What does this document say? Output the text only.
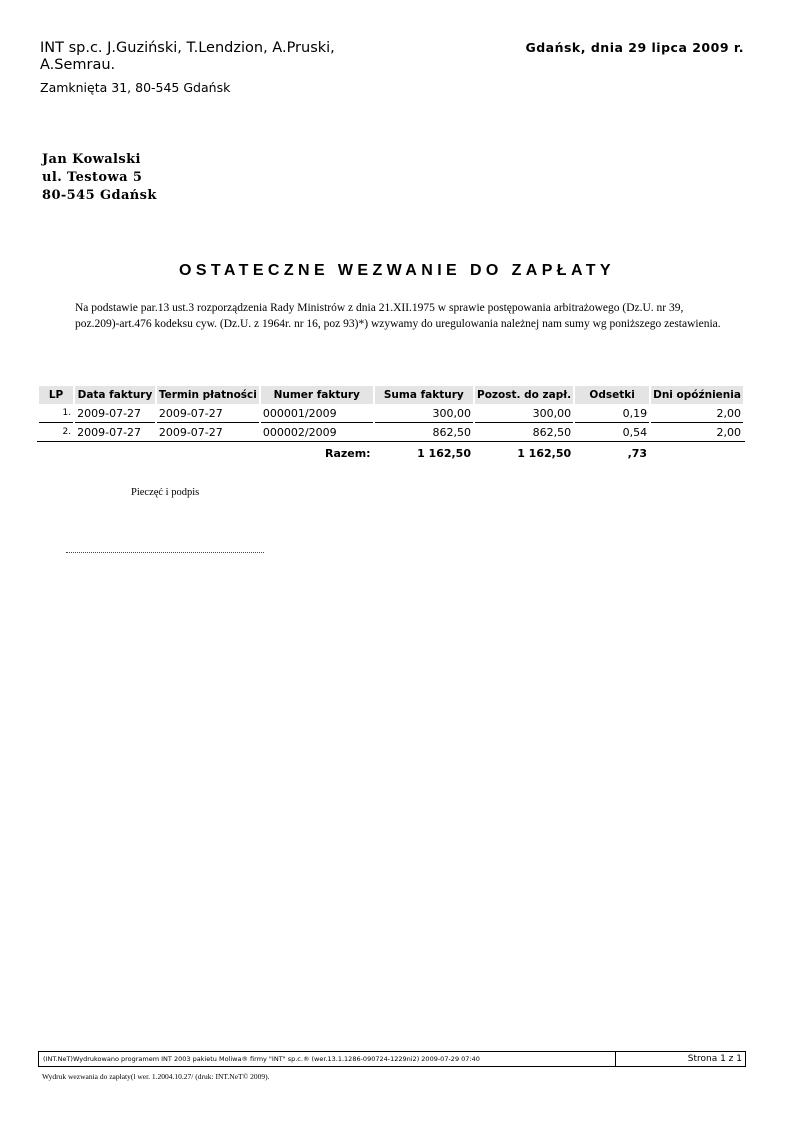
INT sp.c. J.Guziński, T.Lendzion, A.Pruski, A.Semrau.
Zamknięta 31, 80-545 Gdańsk
Gdańsk, dnia 29 lipca 2009 r.
Jan Kowalski
ul. Testowa 5
80-545 Gdańsk
OSTATECZNE WEZWANIE DO ZAPŁATY
Na podstawie par.13 ust.3 rozporządzenia Rady Ministrów z dnia 21.XII.1975 w sprawie postępowania arbitrażowego (Dz.U. nr 39, poz.209)-art.476 kodeksu cyw. (Dz.U. z 1964r. nr 16, poz 93)*) wzywamy do uregulowania należnej nam sumy wg poniższego zestawienia.
LP	Data faktury	Termin płatności	Numer faktury	Suma faktury	Pozost. do zapł.	Odsetki	Dni opóźnienia
1.	2009-07-27	2009-07-27	000001/2009	300,00	300,00	0,19	2,00
2.	2009-07-27	2009-07-27	000002/2009	862,50	862,50	0,54	2,00
			Razem:	1 162,50	1 162,50	,73	
Pieczęć i podpis
(INT.NeT)Wydrukowano programem INT 2003 pakietu Moliwa® firmy "INT" sp.c.® (wer.13.1.1286-090724-1229ni2) 2009-07-29 07:40	Strona 1 z 1
Wydruk wezwania do zapłaty(l wer. 1.2004.10.27/ (druk: INT.NeT© 2009).
